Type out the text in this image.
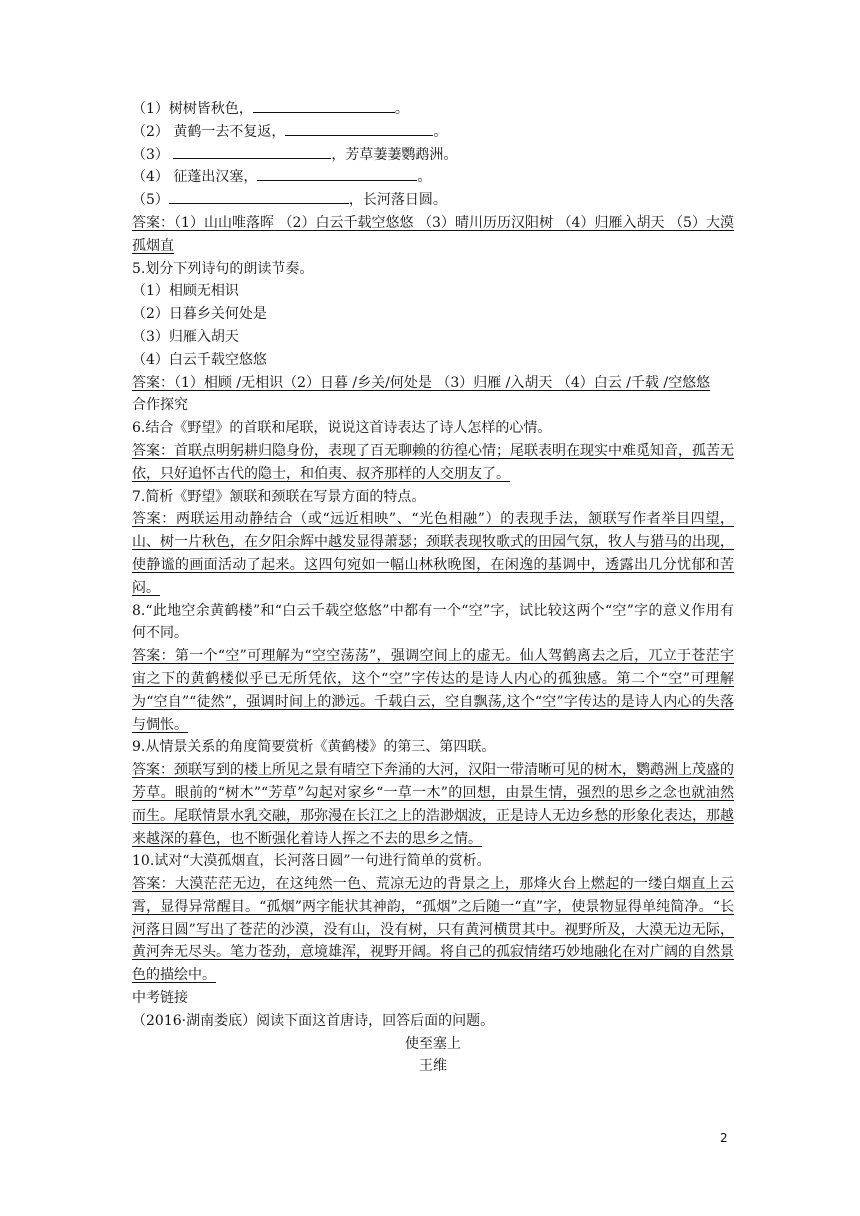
（1）树树皆秋色，	。
（2） 黄鹤一去不复返，	。
（3）	，芳草萋萋鹦鹉洲。
（4） 征蓬出汉塞，	。
（5）	，长河落日圆。
答案：（1）山山唯落晖 （2）白云千载空悠悠 （3）晴川历历汉阳树 （4）归雁入胡天 （5）大漠孤烟直
5.划分下列诗句的朗读节奏。
（1）相顾无相识
（2）日暮乡关何处是
（3）归雁入胡天
（4）白云千载空悠悠
答案：（1）相顾 /无相识（2）日暮 /乡关/何处是 （3）归雁 /入胡天 （4）白云 /千载 /空悠悠
合作探究
6.结合《野望》的首联和尾联，说说这首诗表达了诗人怎样的心情。
答案：首联点明躬耕归隐身份，表现了百无聊赖的彷徨心情；尾联表明在现实中难觅知音，孤苦无依，只好追怀古代的隐士，和伯夷、叔齐那样的人交朋友了。
7.简析《野望》颔联和颈联在写景方面的特点。
答案：两联运用动静结合（或“远近相映”、“光色相融”）的表现手法，颔联写作者举目四望，山、树一片秋色，在夕阳余辉中越发显得萧瑟；颈联表现牧歌式的田园气氛，牧人与猎马的出现，使静谧的画面活动了起来。这四句宛如一幅山林秋晚图，在闲逸的基调中，透露出几分忧郁和苦闷。
8.“此地空余黄鹤楼”和“白云千载空悠悠”中都有一个“空”字，试比较这两个“空”字的意义作用有何不同。
答案：第一个“空”可理解为“空空荡荡”，强调空间上的虚无。仙人驾鹤离去之后，兀立于苍茫宇宙之下的黄鹤楼似乎已无所凭依，这个“空”字传达的是诗人内心的孤独感。第二个“空”可理解为“空自”“徒然”，强调时间上的渺远。千载白云，空自飘荡,这个“空”字传达的是诗人内心的失落与惆怅。
9.从情景关系的角度简要赏析《黄鹤楼》的第三、第四联。
答案：颈联写到的楼上所见之景有晴空下奔涌的大河，汉阳一带清晰可见的树木，鹦鹉洲上茂盛的芳草。眼前的“树木”“芳草”勾起对家乡“一草一木”的回想，由景生情，强烈的思乡之念也就油然而生。尾联情景水乳交融，那弥漫在长江之上的浩渺烟波，正是诗人无边乡愁的形象化表达，那越来越深的暮色，也不断强化着诗人挥之不去的思乡之情。
10.试对“大漠孤烟直，长河落日圆”一句进行简单的赏析。
答案：大漠茫茫无边，在这纯然一色、荒凉无边的背景之上，那烽火台上燃起的一缕白烟直上云霄，显得异常醒目。“孤烟”两字能状其神韵，“孤烟”之后随一“直”字，使景物显得单纯简净。“长河落日圆”写出了苍茫的沙漠，没有山，没有树，只有黄河横贯其中。视野所及，大漠无边无际，黄河奔无尽头。笔力苍劲，意境雄浑，视野开阔。将自己的孤寂情绪巧妙地融化在对广阔的自然景色的描绘中。
中考链接
（2016·湖南娄底）阅读下面这首唐诗，回答后面的问题。
使至塞上
王维
2
